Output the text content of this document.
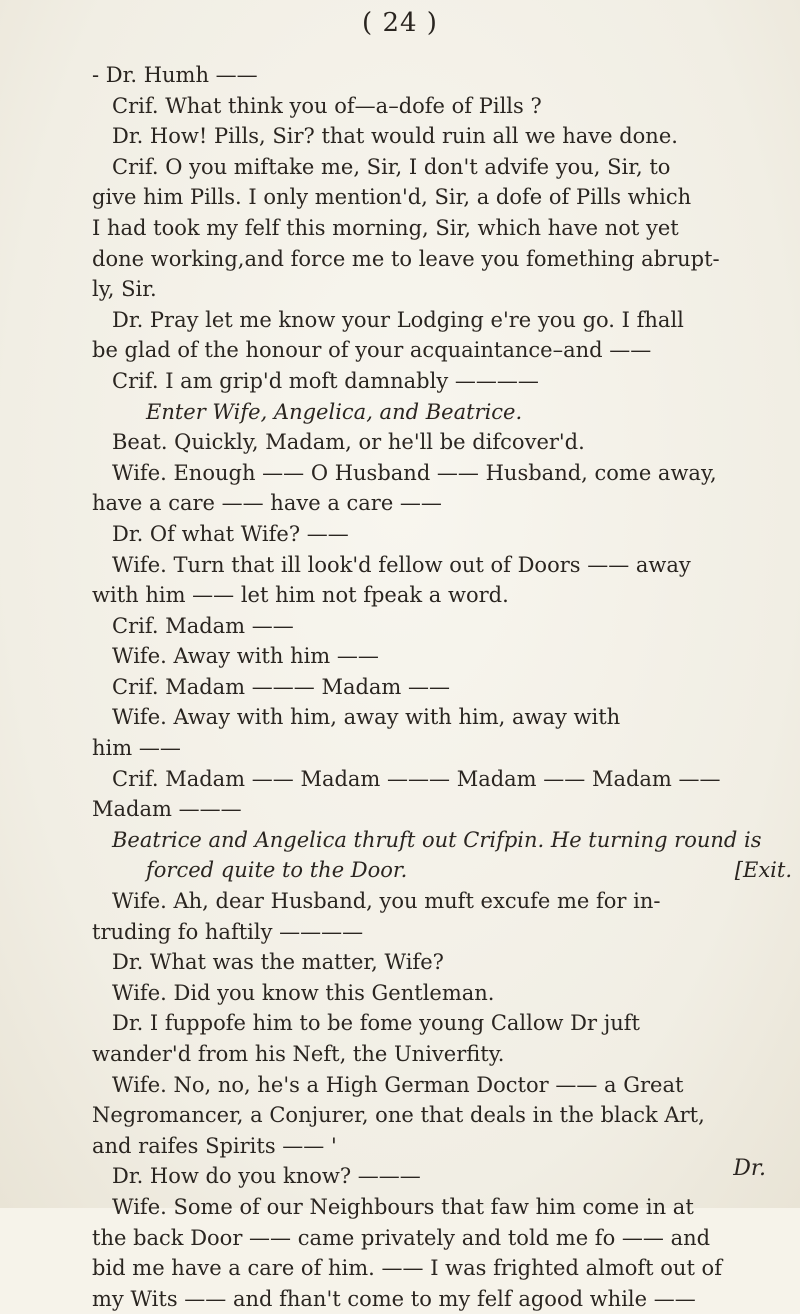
( 24 )
- Dr. Humh ——
Crif. What think you of—a–dofe of Pills ?
Dr. How! Pills, Sir? that would ruin all we have done.
Crif. O you miftake me, Sir, I don't advife you, Sir, to
give him Pills. I only mention'd, Sir, a dofe of Pills which
I had took my felf this morning, Sir, which have not yet
done working,and force me to leave you fomething abrupt-
ly, Sir.
Dr. Pray let me know your Lodging e're you go. I fhall
be glad of the honour of your acquaintance–and ——
Crif. I am grip'd moft damnably ————
Enter Wife, Angelica, and Beatrice.
Beat. Quickly, Madam, or he'll be difcover'd.
Wife. Enough —— O Husband —— Husband, come away,
have a care —— have a care ——
Dr. Of what Wife? ——
Wife. Turn that ill look'd fellow out of Doors —— away
with him —— let him not fpeak a word.
Crif. Madam ——
Wife. Away with him ——
Crif. Madam ——— Madam ——
Wife. Away with him, away with him, away with
him ——
Crif. Madam —— Madam ——— Madam —— Madam ——
Madam ———
Beatrice and Angelica thruft out Crifpin. He turning round is
forced quite to the Door.	[Exit.
Wife. Ah, dear Husband, you muft excufe me for in-
truding fo haftily ————
Dr. What was the matter, Wife?
Wife. Did you know this Gentleman.
Dr. I fuppofe him to be fome young Callow Dr juft
wander'd from his Neft, the Univerfity.
Wife. No, no, he's a High German Doctor —— a Great
Negromancer, a Conjurer, one that deals in the black Art,
and raifes Spirits —— '
Dr. How do you know? ———
Wife. Some of our Neighbours that faw him come in at
the back Door —— came privately and told me fo —— and
bid me have a care of him. —— I was frighted almoft out of
my Wits —— and fhan't come to my felf agood while ——
Dr.
